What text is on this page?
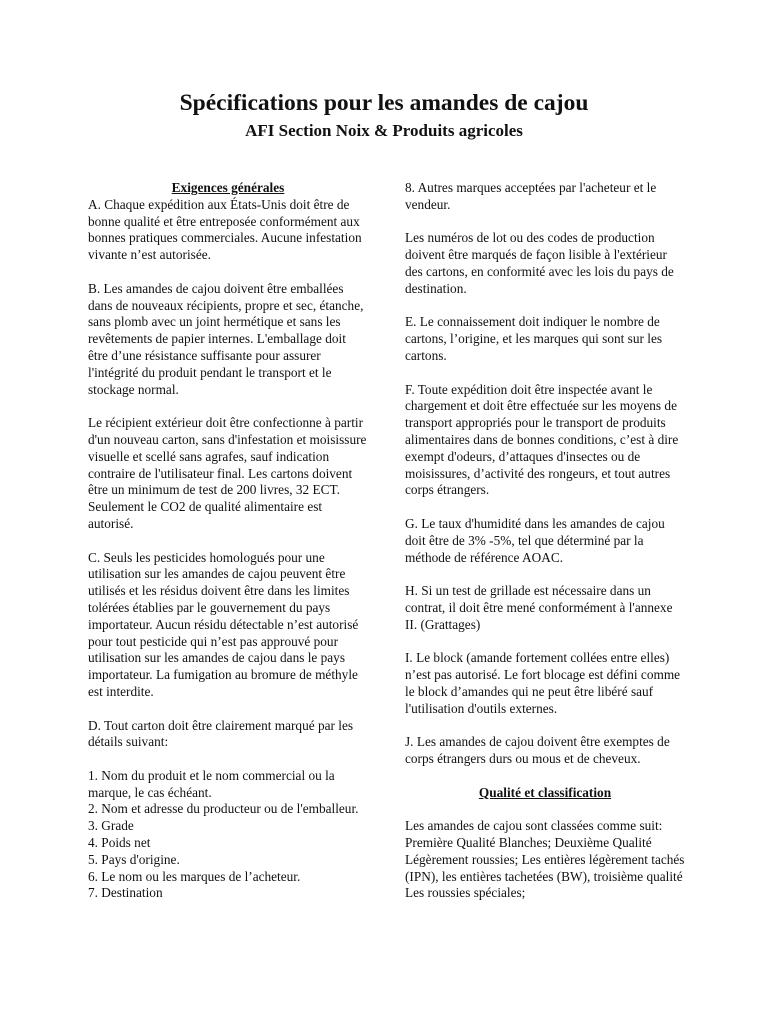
Spécifications pour les amandes de cajou
AFI Section Noix & Produits agricoles
Exigences générales

A. Chaque expédition aux États-Unis doit être de bonne qualité et être entreposée conformément aux bonnes pratiques commerciales. Aucune infestation vivante n’est autorisée.

B. Les amandes de cajou doivent être emballées dans de nouveaux récipients, propre et sec, étanche, sans plomb avec un joint hermétique et sans les revêtements de papier internes. L'emballage doit être d’une résistance suffisante pour assurer l'intégrité du produit pendant le transport et le stockage normal.

Le récipient extérieur doit être confectionne à partir d'un nouveau carton, sans d'infestation et moisissure visuelle et scellé sans agrafes, sauf indication contraire de l'utilisateur final. Les cartons doivent être un minimum de test de 200 livres, 32 ECT. Seulement le CO2 de qualité alimentaire est autorisé.

C. Seuls les pesticides homologués pour une utilisation sur les amandes de cajou peuvent être utilisés et les résidus doivent être dans les limites tolérées établies par le gouvernement du pays importateur. Aucun résidu détectable n’est autorisé pour tout pesticide qui n’est pas approuvé pour utilisation sur les amandes de cajou dans le pays importateur. La fumigation au bromure de méthyle est interdite.

D. Tout carton doit être clairement marqué par les détails suivant:

1. Nom du produit et le nom commercial ou la marque, le cas échéant.
2. Nom et adresse du producteur ou de l'emballeur.
3. Grade
4. Poids net
5. Pays d'origine.
6. Le nom ou les marques de l’acheteur.
7. Destination

8. Autres marques acceptées par l'acheteur et le vendeur.

Les numéros de lot ou des codes de production doivent être marqués de façon lisible à l'extérieur des cartons, en conformité avec les lois du pays de destination.

E. Le connaissement doit indiquer le nombre de cartons, l’origine, et les marques qui sont sur les cartons.

F. Toute expédition doit être inspectée avant le chargement et doit être effectuée sur les moyens de transport appropriés pour le transport de produits alimentaires dans de bonnes conditions, c’est à dire exempt d'odeurs, d’attaques d'insectes ou de moisissures, d’activité des rongeurs, et tout autres corps étrangers.

G. Le taux d'humidité dans les amandes de cajou doit être de 3% -5%, tel que déterminé par la méthode de référence AOAC.

H. Si un test de grillade est nécessaire dans un contrat, il doit être mené conformément à l'annexe II. (Grattages)

I. Le block (amande fortement collées entre elles) n’est pas autorisé. Le fort blocage est défini comme le block d’amandes qui ne peut être libéré sauf l'utilisation d'outils externes.

J. Les amandes de cajou doivent être exemptes de corps étrangers durs ou mous et de cheveux.

Qualité et classification

Les amandes de cajou sont classées comme suit: Première Qualité Blanches; Deuxième Qualité Légèrement roussies; Les entières légèrement tachés (IPN), les entières tachetées (BW), troisième qualité Les roussies spéciales;
